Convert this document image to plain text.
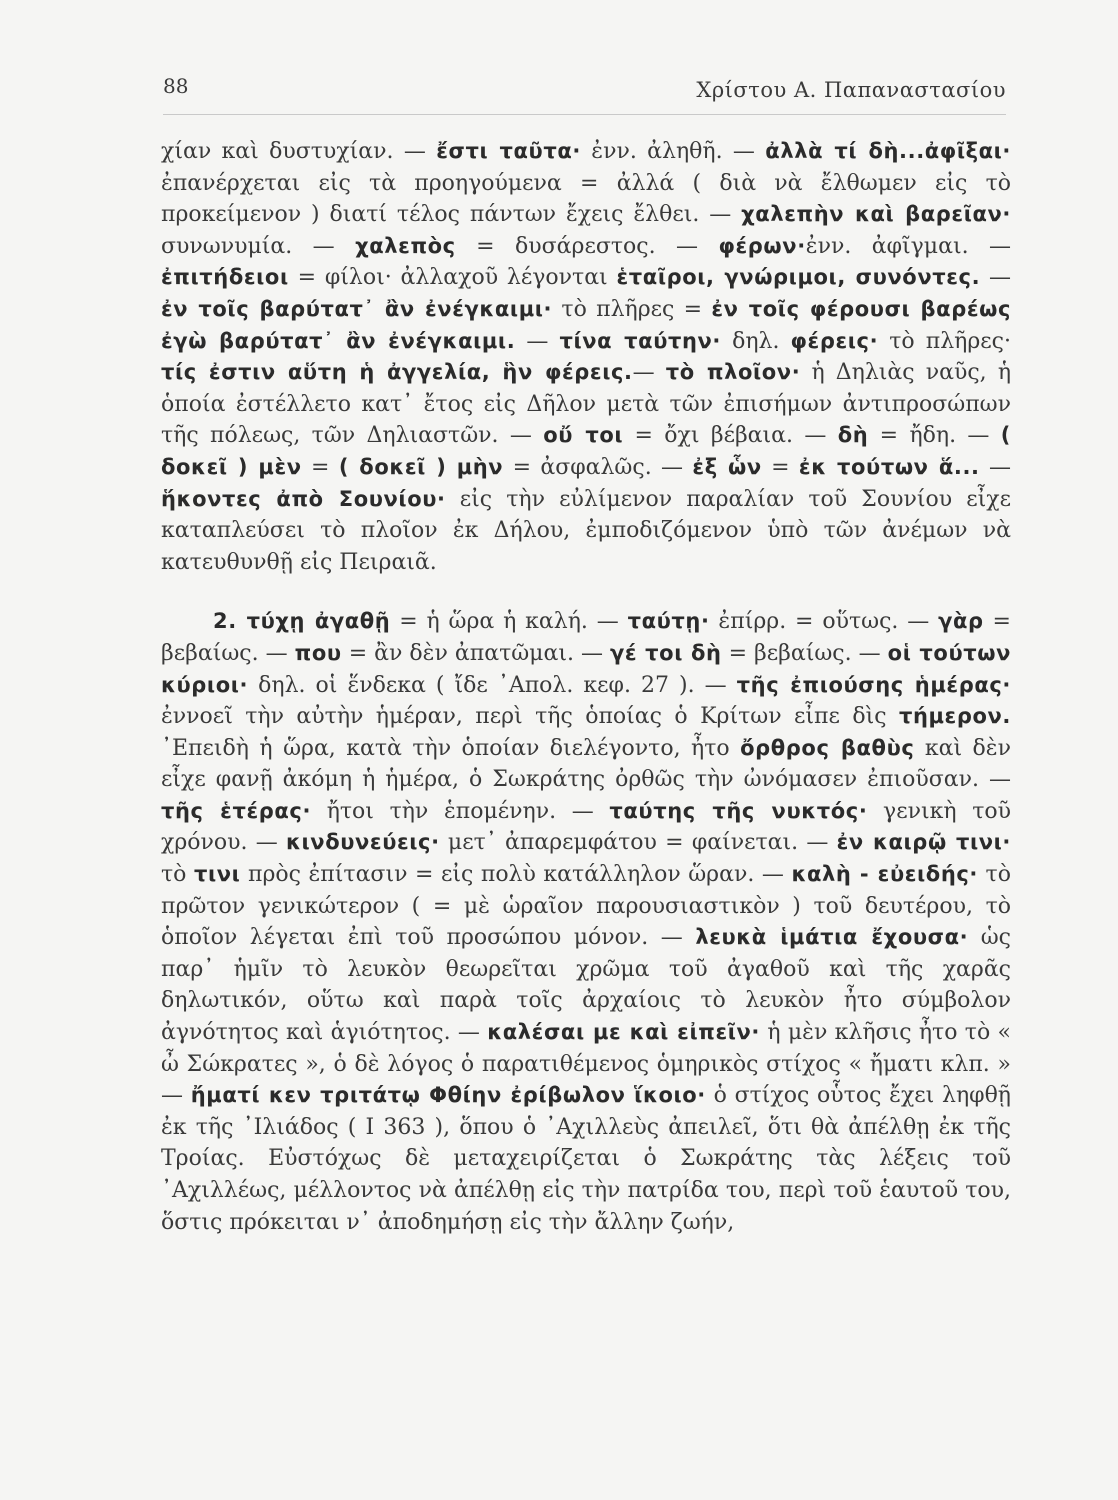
88	Χρίστου Α. Παπαναστασίου

χίαν καὶ δυστυχίαν. — ἔστι ταῦτα· ἐνν. ἀληθῆ. — ἀλλὰ τί δὴ...ἀφῖξαι· ἐπανέρχεται εἰς τὰ προηγούμενα = ἀλλά ( διὰ νὰ ἔλθωμεν εἰς τὸ προκείμενον ) διατί τέλος πάντων ἔχεις ἔλθει. — χαλεπὴν καὶ βαρεῖαν· συνωνυμία. — χαλεπὸς = δυσάρεστος. — φέρων·ἐνν. ἀφῖγμαι. — ἐπιτήδειοι = φίλοι· ἀλλαχοῦ λέγονται ἑταῖροι, γνώριμοι, συνόντες. — ἐν τοῖς βαρύτατ᾽ ἂν ἐνέγκαιμι· τὸ πλῆρες = ἐν τοῖς φέρουσι βαρέως ἐγὼ βαρύτατ᾽ ἂν ἐνέγκαιμι. — τίνα ταύτην· δηλ. φέρεις· τὸ πλῆρες· τίς ἐστιν αὕτη ἡ ἀγγελία, ἣν φέρεις.— τὸ πλοῖον· ἡ Δηλιὰς ναῦς, ἡ ὁποία ἐστέλλετο κατ᾽ ἔτος εἰς Δῆλον μετὰ τῶν ἐπισήμων ἀντιπροσώπων τῆς πόλεως, τῶν Δηλιαστῶν. — οὔ τοι = ὄχι βέβαια. — δὴ = ἤδη. — ( δοκεῖ ) μὲν = ( δοκεῖ ) μὴν = ἀσφαλῶς. — ἐξ ὧν = ἐκ τούτων ἅ... — ἥκοντες ἀπὸ Σουνίου· εἰς τὴν εὐλίμενον παραλίαν τοῦ Σουνίου εἶχε καταπλεύσει τὸ πλοῖον ἐκ Δήλου, ἐμποδιζόμενον ὑπὸ τῶν ἀνέμων νὰ κατευθυνθῇ εἰς Πειραιᾶ.

2. τύχῃ ἀγαθῇ = ἡ ὥρα ἡ καλή. — ταύτῃ· ἐπίρρ. = οὕτως. — γὰρ = βεβαίως. — που = ἂν δὲν ἀπατῶμαι. — γέ τοι δὴ = βεβαίως. — οἱ τούτων κύριοι· δηλ. οἱ ἕνδεκα ( ἴδε ᾽Απολ. κεφ. 27 ). — τῆς ἐπιούσης ἡμέρας· ἐννοεῖ τὴν αὐτὴν ἡμέραν, περὶ τῆς ὁποίας ὁ Κρίτων εἶπε δὶς τήμερον. ᾽Επειδὴ ἡ ὥρα, κατὰ τὴν ὁποίαν διελέγοντο, ἦτο ὄρθρος βαθὺς καὶ δὲν εἶχε φανῇ ἀκόμη ἡ ἡμέρα, ὁ Σωκράτης ὀρθῶς τὴν ὠνόμασεν ἐπιοῦσαν. — τῆς ἑτέρας· ἤτοι τὴν ἑπομένην. — ταύτης τῆς νυκτός· γενικὴ τοῦ χρόνου. — κινδυνεύεις· μετ᾽ ἀπαρεμφάτου = φαίνεται. — ἐν καιρῷ τινι· τὸ τινι πρὸς ἐπίτασιν = εἰς πολὺ κατάλληλον ὥραν. — καλὴ - εὐειδής· τὸ πρῶτον γενικώτερον ( = μὲ ὡραῖον παρουσιαστικὸν ) τοῦ δευτέρου, τὸ ὁποῖον λέγεται ἐπὶ τοῦ προσώπου μόνον. — λευκὰ ἱμάτια ἔχουσα· ὡς παρ᾽ ἡμῖν τὸ λευκὸν θεωρεῖται χρῶμα τοῦ ἀγαθοῦ καὶ τῆς χαρᾶς δηλωτικόν, οὕτω καὶ παρὰ τοῖς ἀρχαίοις τὸ λευκὸν ἦτο σύμβολον ἀγνότητος καὶ ἁγιότητος. — καλέσαι με καὶ εἰπεῖν· ἡ μὲν κλῆσις ἦτο τὸ « ὦ Σώκρατες », ὁ δὲ λόγος ὁ παρατιθέμενος ὁμηρικὸς στίχος « ἤματι κλπ. » — ἤματί κεν τριτάτῳ Φθίην ἐρίβωλον ἵκοιο· ὁ στίχος οὗτος ἔχει ληφθῇ ἐκ τῆς ᾽Ιλιάδος ( Ι 363 ), ὅπου ὁ ᾽Αχιλλεὺς ἀπειλεῖ, ὅτι θὰ ἀπέλθῃ ἐκ τῆς Τροίας. Εὐστόχως δὲ μεταχειρίζεται ὁ Σωκράτης τὰς λέξεις τοῦ ᾽Αχιλλέως, μέλλοντος νὰ ἀπέλθῃ εἰς τὴν πατρίδα του, περὶ τοῦ ἑαυτοῦ του, ὅστις πρόκειται ν᾽ ἀποδημήσῃ εἰς τὴν ἄλλην ζωήν,
